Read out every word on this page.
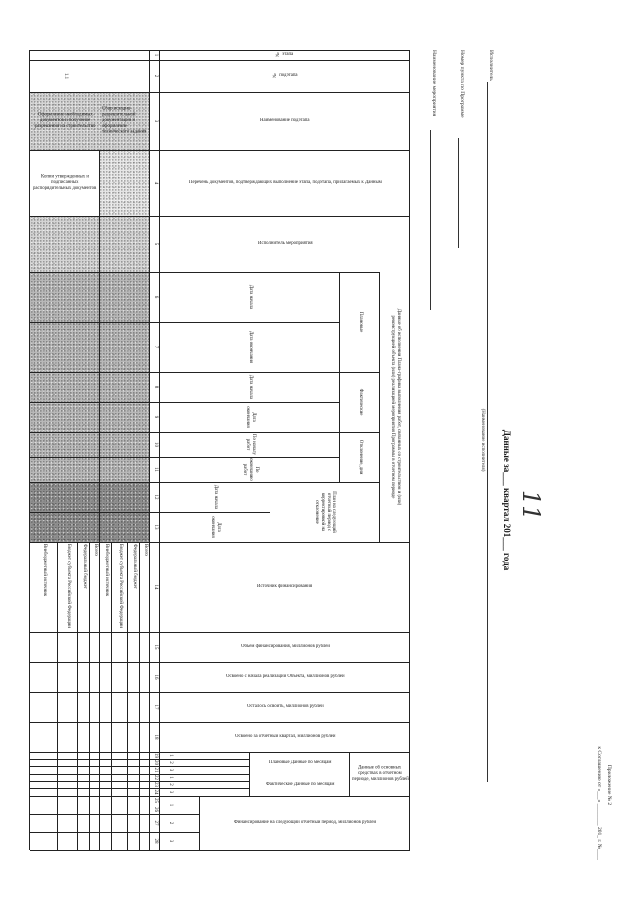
Приложение № 2
к Соглашению от «___» ________ 201_ г. №____
11
Данные за___ квартал 201___ года
Исполнитель
(Наименование исполнителя)
Номер пункта по Программе
Наименование мероприятия
№ этапа
№ подэтапа
Наименование подэтапа
Перечень документов, подтверждающих выполнение этапа, подэтапа, прилагаемых к Данным
Исполнитель мероприятия
Данные об исполнении Плана-графика выполнения работ, связанных со строительством и (или) реконструкцией объекта (или) реализацией мероприятия Программы в отчетном периоде
Плановые
Фактические
Отклонение, дни
План на следующий отчетный период с корректировкой на отклонение
Дата начала
Дата окончания
Дата начала
Дата окончания
По началу работ
По окончанию работ
Дата начала
Дата окончания
Источник финансирования
Объем финансирования, миллионов рублей
Освоено с начала реализации Объекта, миллионов рублей
Осталось освоить, миллионов рублей
Освоено за отчетный квартал, миллионов рублей
Данные об основных средствах в отчетном периоде, миллионов рублей
Плановые Данные по месяцам
Фактические Данные по месяцам
Финансирование на следующий отчетный период, миллионов рублей
1
2
3
1
2
3
1
2
3
1
2
3
4
5
6
7
8
9
10
11
12
13
14
15
16
17
18
19
20
21
22
23
24
25
26
27
28
Сбор исходно-разрешительной документации и оформление технического задания
Всего
Федеральный бюджет
Бюджет субъекта Российской Федерации
Внебюджетный источник
1.1
Оформление необходимых документов и получение разрешения на строительство
Копии утвержденных и подписанных распорядительных документов
Всего
Федеральный бюджет
Бюджет субъекта Российской Федерации
Внебюджетный источник
